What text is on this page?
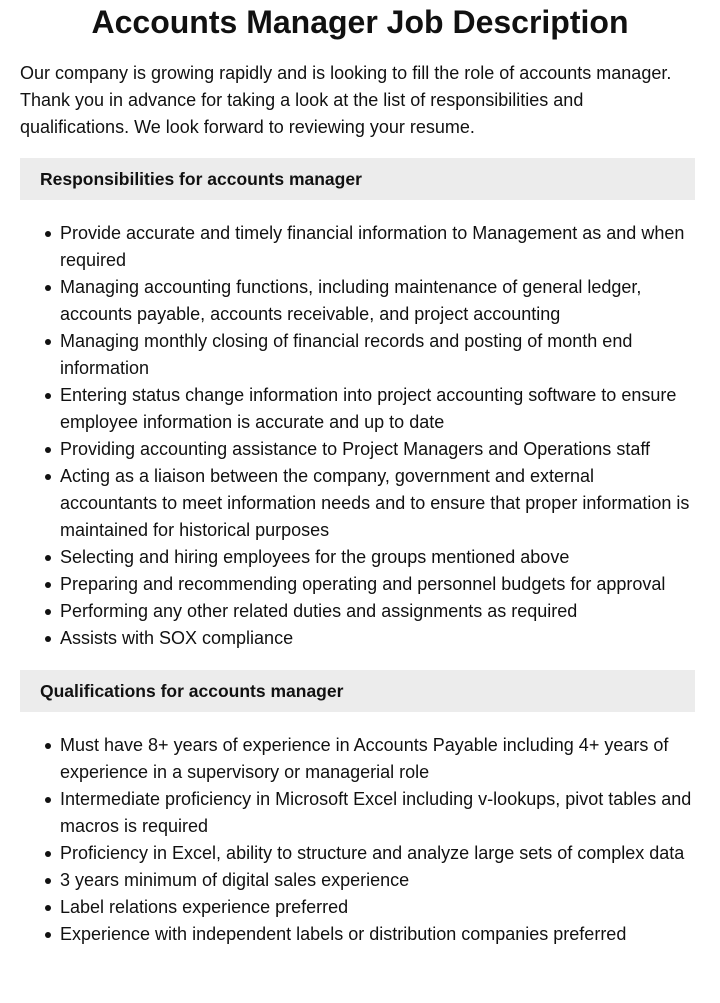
Accounts Manager Job Description

Our company is growing rapidly and is looking to fill the role of accounts manager. Thank you in advance for taking a look at the list of responsibilities and qualifications. We look forward to reviewing your resume.

Responsibilities for accounts manager
Provide accurate and timely financial information to Management as and when required
Managing accounting functions, including maintenance of general ledger, accounts payable, accounts receivable, and project accounting
Managing monthly closing of financial records and posting of month end information
Entering status change information into project accounting software to ensure employee information is accurate and up to date
Providing accounting assistance to Project Managers and Operations staff
Acting as a liaison between the company, government and external accountants to meet information needs and to ensure that proper information is maintained for historical purposes
Selecting and hiring employees for the groups mentioned above
Preparing and recommending operating and personnel budgets for approval
Performing any other related duties and assignments as required
Assists with SOX compliance
Qualifications for accounts manager
Must have 8+ years of experience in Accounts Payable including 4+ years of experience in a supervisory or managerial role
Intermediate proficiency in Microsoft Excel including v-lookups, pivot tables and macros is required
Proficiency in Excel, ability to structure and analyze large sets of complex data
3 years minimum of digital sales experience
Label relations experience preferred
Experience with independent labels or distribution companies preferred
